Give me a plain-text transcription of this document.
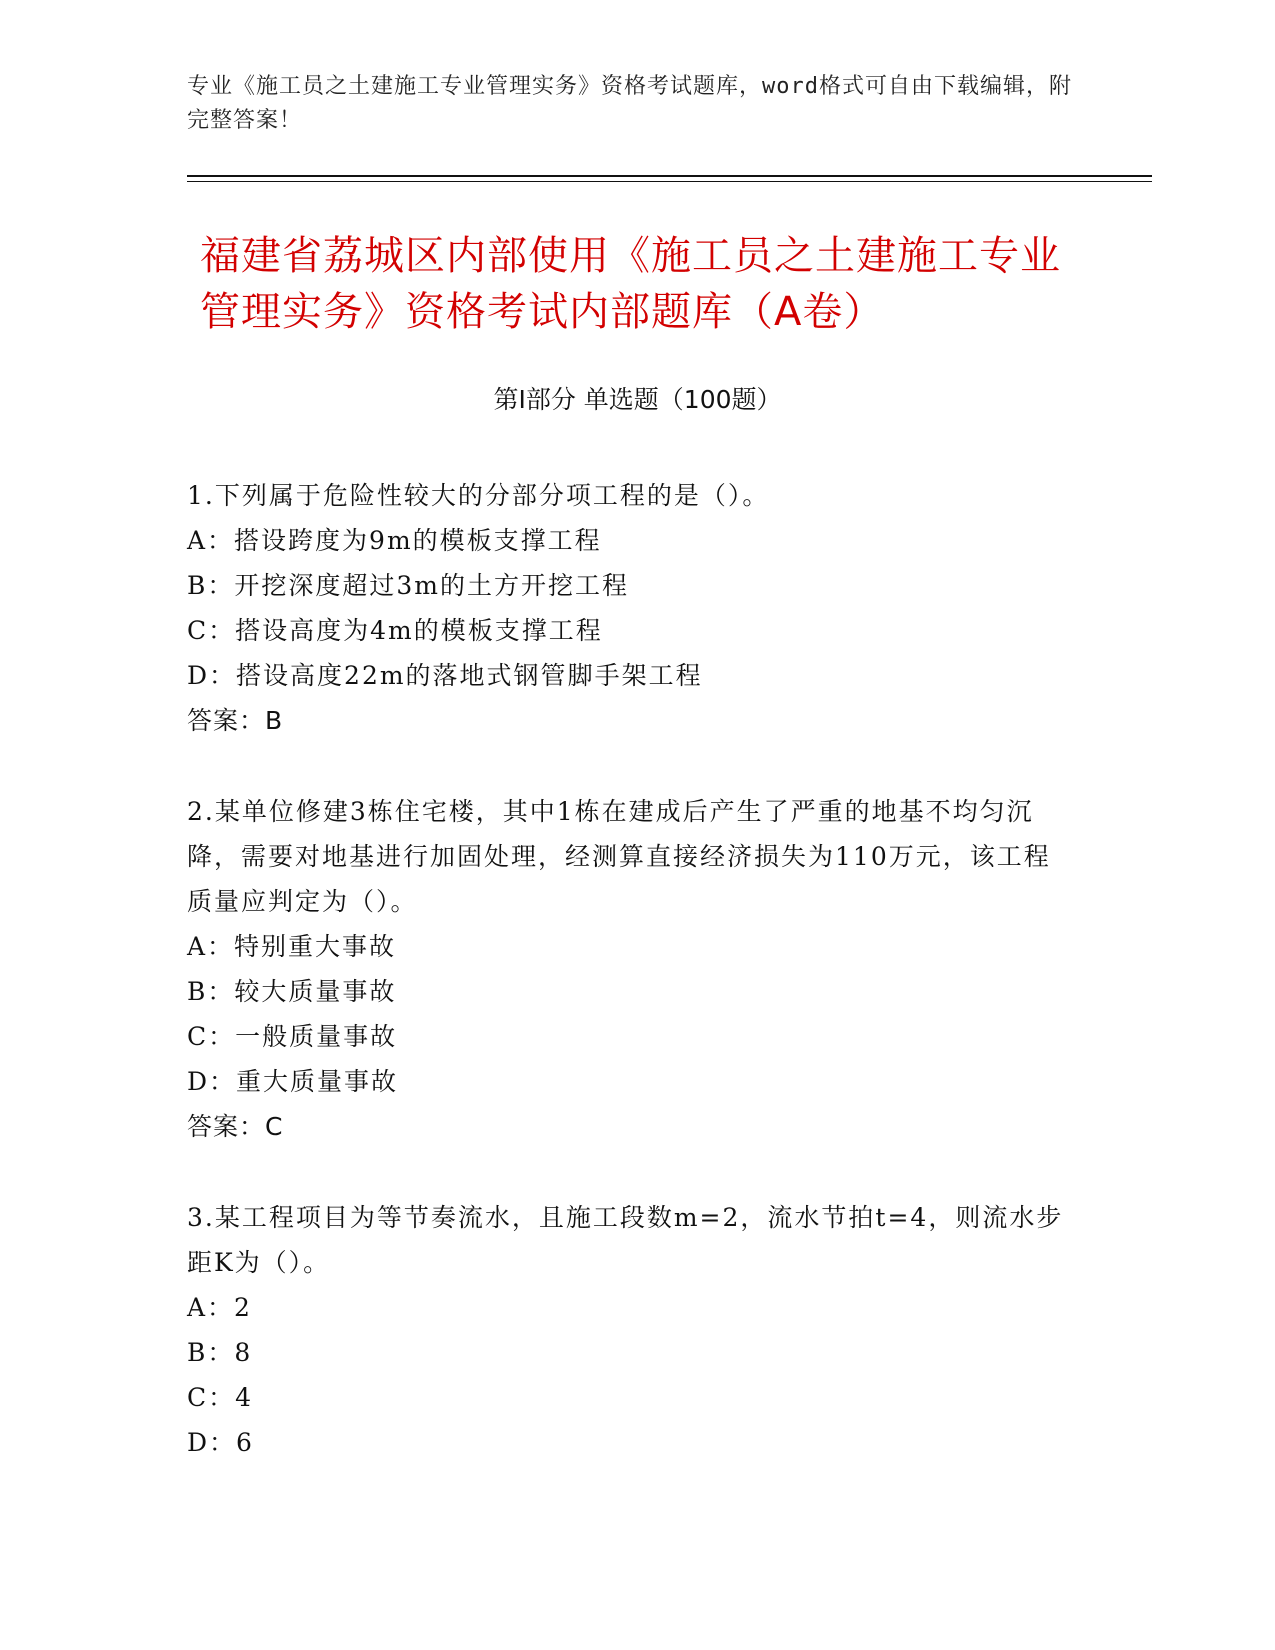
专业《施工员之土建施工专业管理实务》资格考试题库，word格式可自由下载编辑，附完整答案！
福建省荔城区内部使用《施工员之土建施工专业管理实务》资格考试内部题库（A卷）
第Ⅰ部分 单选题（100题）

1.下列属于危险性较大的分部分项工程的是（）。

A：搭设跨度为9m的模板支撑工程

B：开挖深度超过3m的土方开挖工程

C：搭设高度为4m的模板支撑工程

D：搭设高度22m的落地式钢管脚手架工程

答案：B

2.某单位修建3栋住宅楼，其中1栋在建成后产生了严重的地基不均匀沉降，需要对地基进行加固处理，经测算直接经济损失为110万元，该工程质量应判定为（）。

A：特别重大事故

B：较大质量事故

C：一般质量事故

D：重大质量事故

答案：C

3.某工程项目为等节奏流水，且施工段数m=2，流水节拍t=4，则流水步距K为（）。

A：2

B：8

C：4

D：6
